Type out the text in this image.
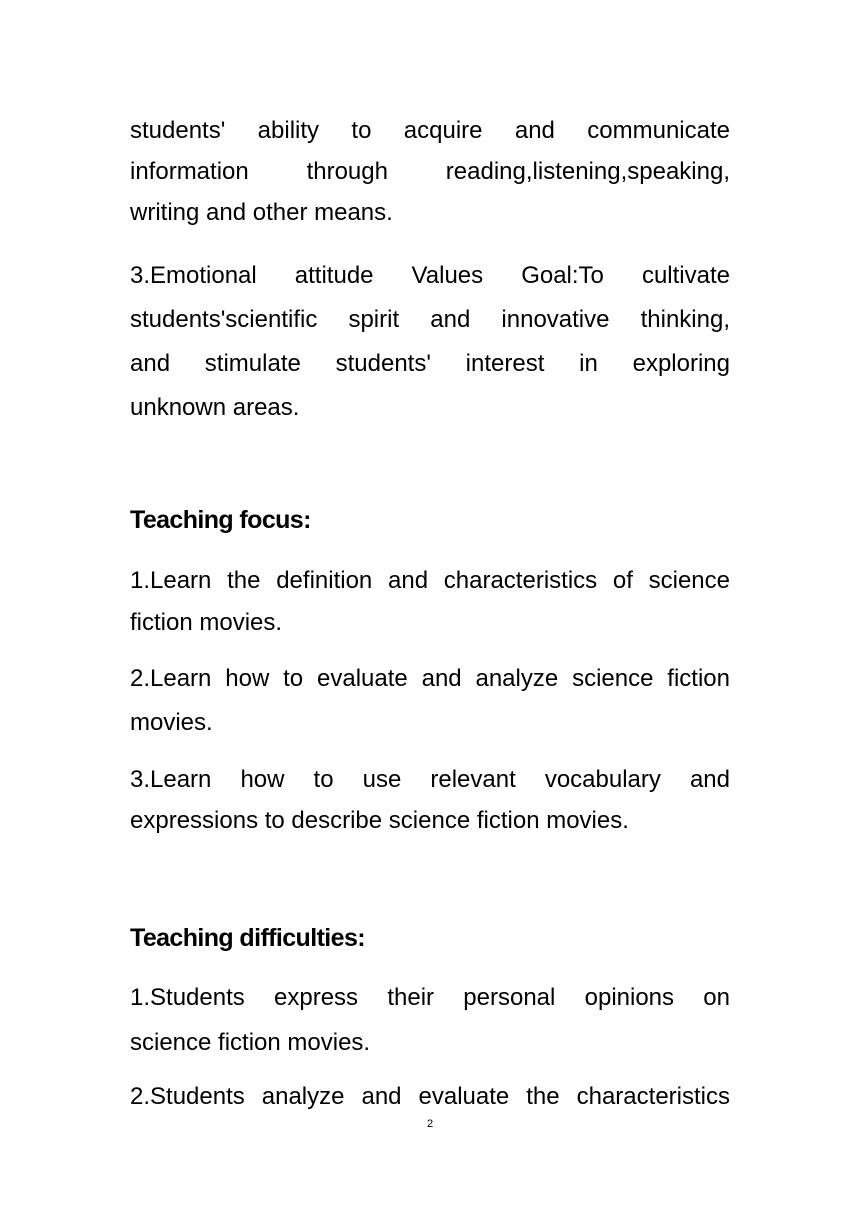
students' ability to acquire and communicate
information through reading,listening,speaking,
writing and other means.
3.Emotional attitude Values Goal:To cultivate
students'scientific spirit and innovative thinking,
and stimulate students' interest in exploring
unknown areas.
Teaching focus:
1.Learn the definition and characteristics of science
fiction movies.
2.Learn how to evaluate and analyze science fiction
movies.
3.Learn how to use relevant vocabulary and
expressions to describe science fiction movies.
Teaching difficulties:
1.Students express their personal opinions on
science fiction movies.
2.Students analyze and evaluate the characteristics
2
